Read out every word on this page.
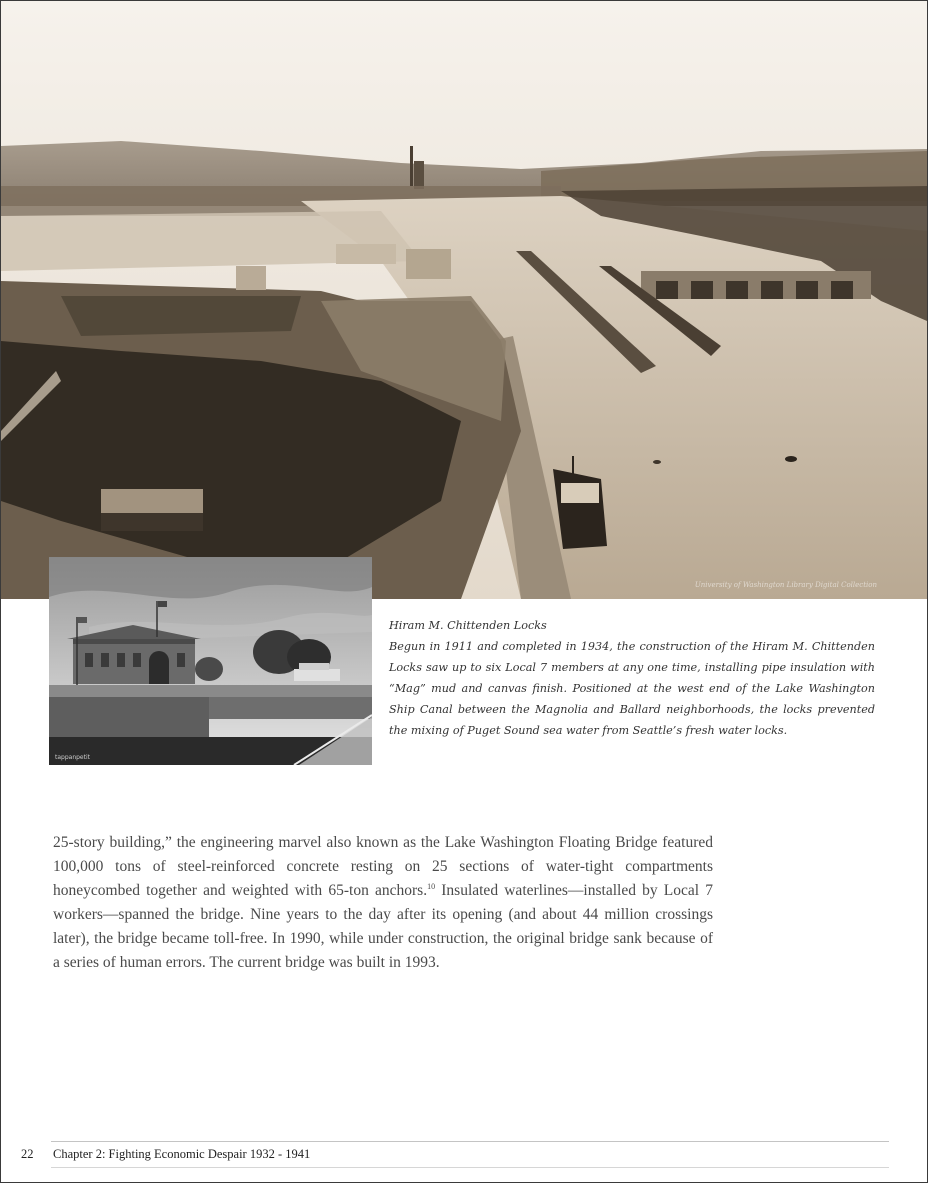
University of Washington Library Digital Collection
tappanpetit
Hiram M. Chittenden Locks
Begun in 1911 and completed in 1934, the construction of the Hiram M. Chittenden Locks saw up to six Local 7 members at any one time, installing pipe insulation with “Mag” mud and canvas finish. Positioned at the west end of the Lake Washington Ship Canal between the Magnolia and Ballard neighborhoods, the locks prevented the mixing of Puget Sound sea water from Seattle’s fresh water locks.
25-story building,” the engineering marvel also known as the Lake Washington Floating Bridge featured 100,000 tons of steel-reinforced concrete resting on 25 sections of water-tight compartments honeycombed together and weighted with 65-ton anchors.$^{10}$ Insulated waterlines—installed by Local 7 workers—spanned the bridge. Nine years to the day after its opening (and about 44 million crossings later), the bridge became toll-free. In 1990, while under construction, the original bridge sank because of a series of human errors. The current bridge was built in 1993.
22 Chapter 2: Fighting Economic Despair 1932 - 1941
